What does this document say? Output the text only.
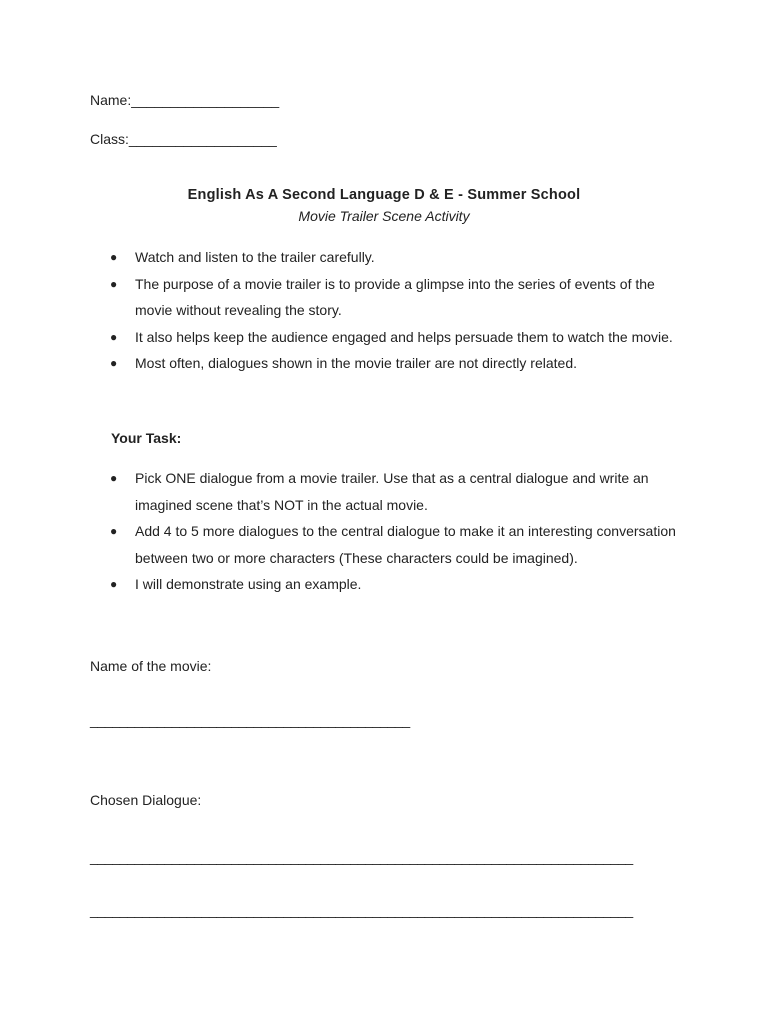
Name:___________________
Class:___________________
English As A Second Language D & E - Summer School
Movie Trailer Scene Activity
● Watch and listen to the trailer carefully.
● The purpose of a movie trailer is to provide a glimpse into the series of events of the movie without revealing the story.
● It also helps keep the audience engaged and helps persuade them to watch the movie.
● Most often, dialogues shown in the movie trailer are not directly related.
Your Task:
● Pick ONE dialogue from a movie trailer. Use that as a central dialogue and write an imagined scene that’s NOT in the actual movie.
● Add 4 to 5 more dialogues to the central dialogue to make it an interesting conversation between two or more characters (These characters could be imagined).
● I will demonstrate using an example.
Name of the movie:
___________________________________________
Chosen Dialogue:
_________________________________________________________________________
_________________________________________________________________________
